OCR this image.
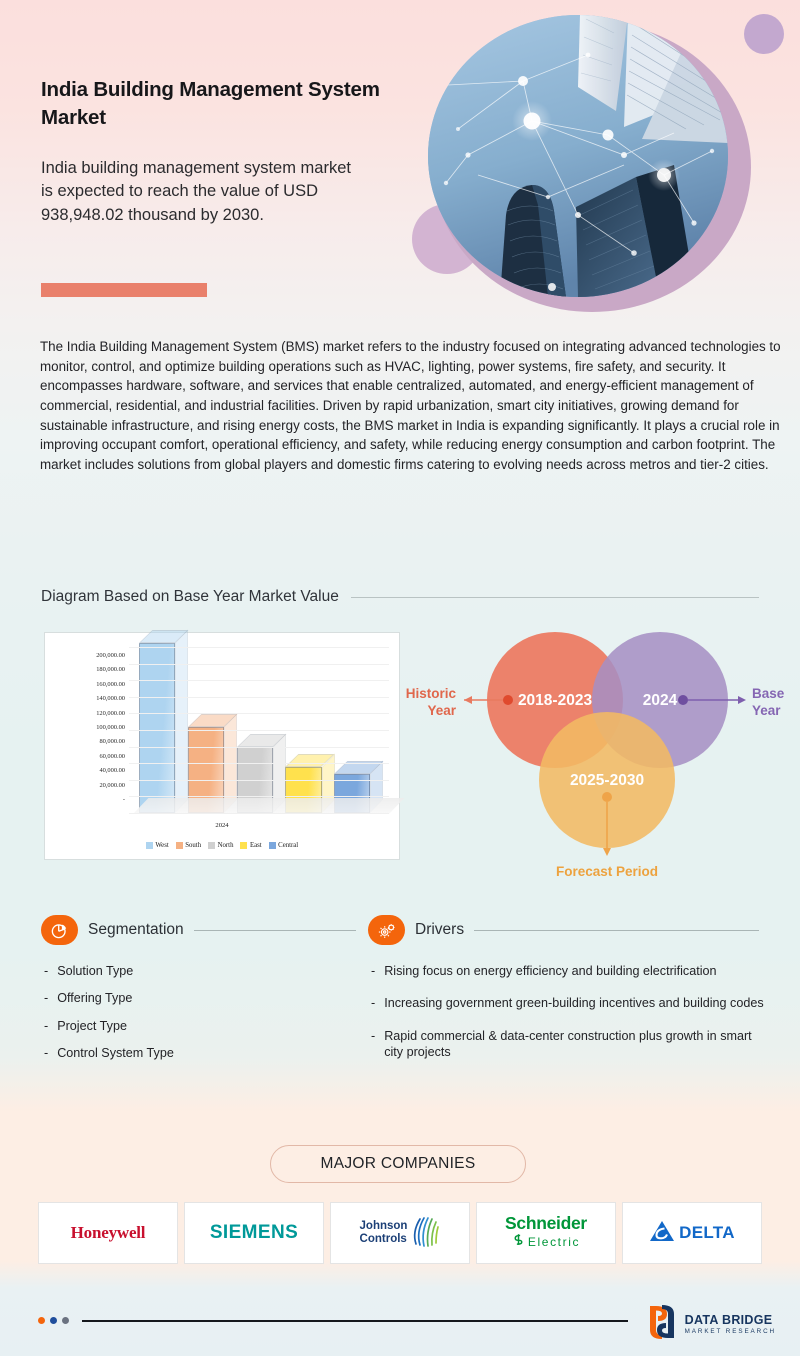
India Building Management System Market

India building management system market is expected to reach the value of USD 938,948.02 thousand by 2030.

The India Building Management System (BMS) market refers to the industry focused on integrating advanced technologies to monitor, control, and optimize building operations such as HVAC, lighting, power systems, fire safety, and security. It encompasses hardware, software, and services that enable centralized, automated, and energy-efficient management of commercial, residential, and industrial facilities. Driven by rapid urbanization, smart city initiatives, growing demand for sustainable infrastructure, and rising energy costs, the BMS market in India is expanding significantly. It plays a crucial role in improving occupant comfort, operational efficiency, and safety, while reducing energy consumption and carbon footprint. The market includes solutions from global players and domestic firms catering to evolving needs across metros and tier-2 cities.

Diagram Based on Base Year Market Value
200,000.00
180,000.00
160,000.00
140,000.00
120,000.00
100,000.00
80,000.00
60,000.00
40,000.00
20,000.00
-
2024
West South North East Central
2018-2023	2024
2025-2030
Historic
Year
Base
Year
Forecast Period
Segmentation
- Solution Type
- Offering Type
- Project Type
- Control System Type
Drivers
- Rising focus on energy efficiency and building electrification
- Increasing government green-building incentives and building codes
- Rapid commercial & data-center construction plus growth in smart city projects
MAJOR COMPANIES
Honeywell	SIEMENS	Johnson
Controls
Schneider
Electric	DELTA
DATA BRIDGE
MARKET RESEARCH
